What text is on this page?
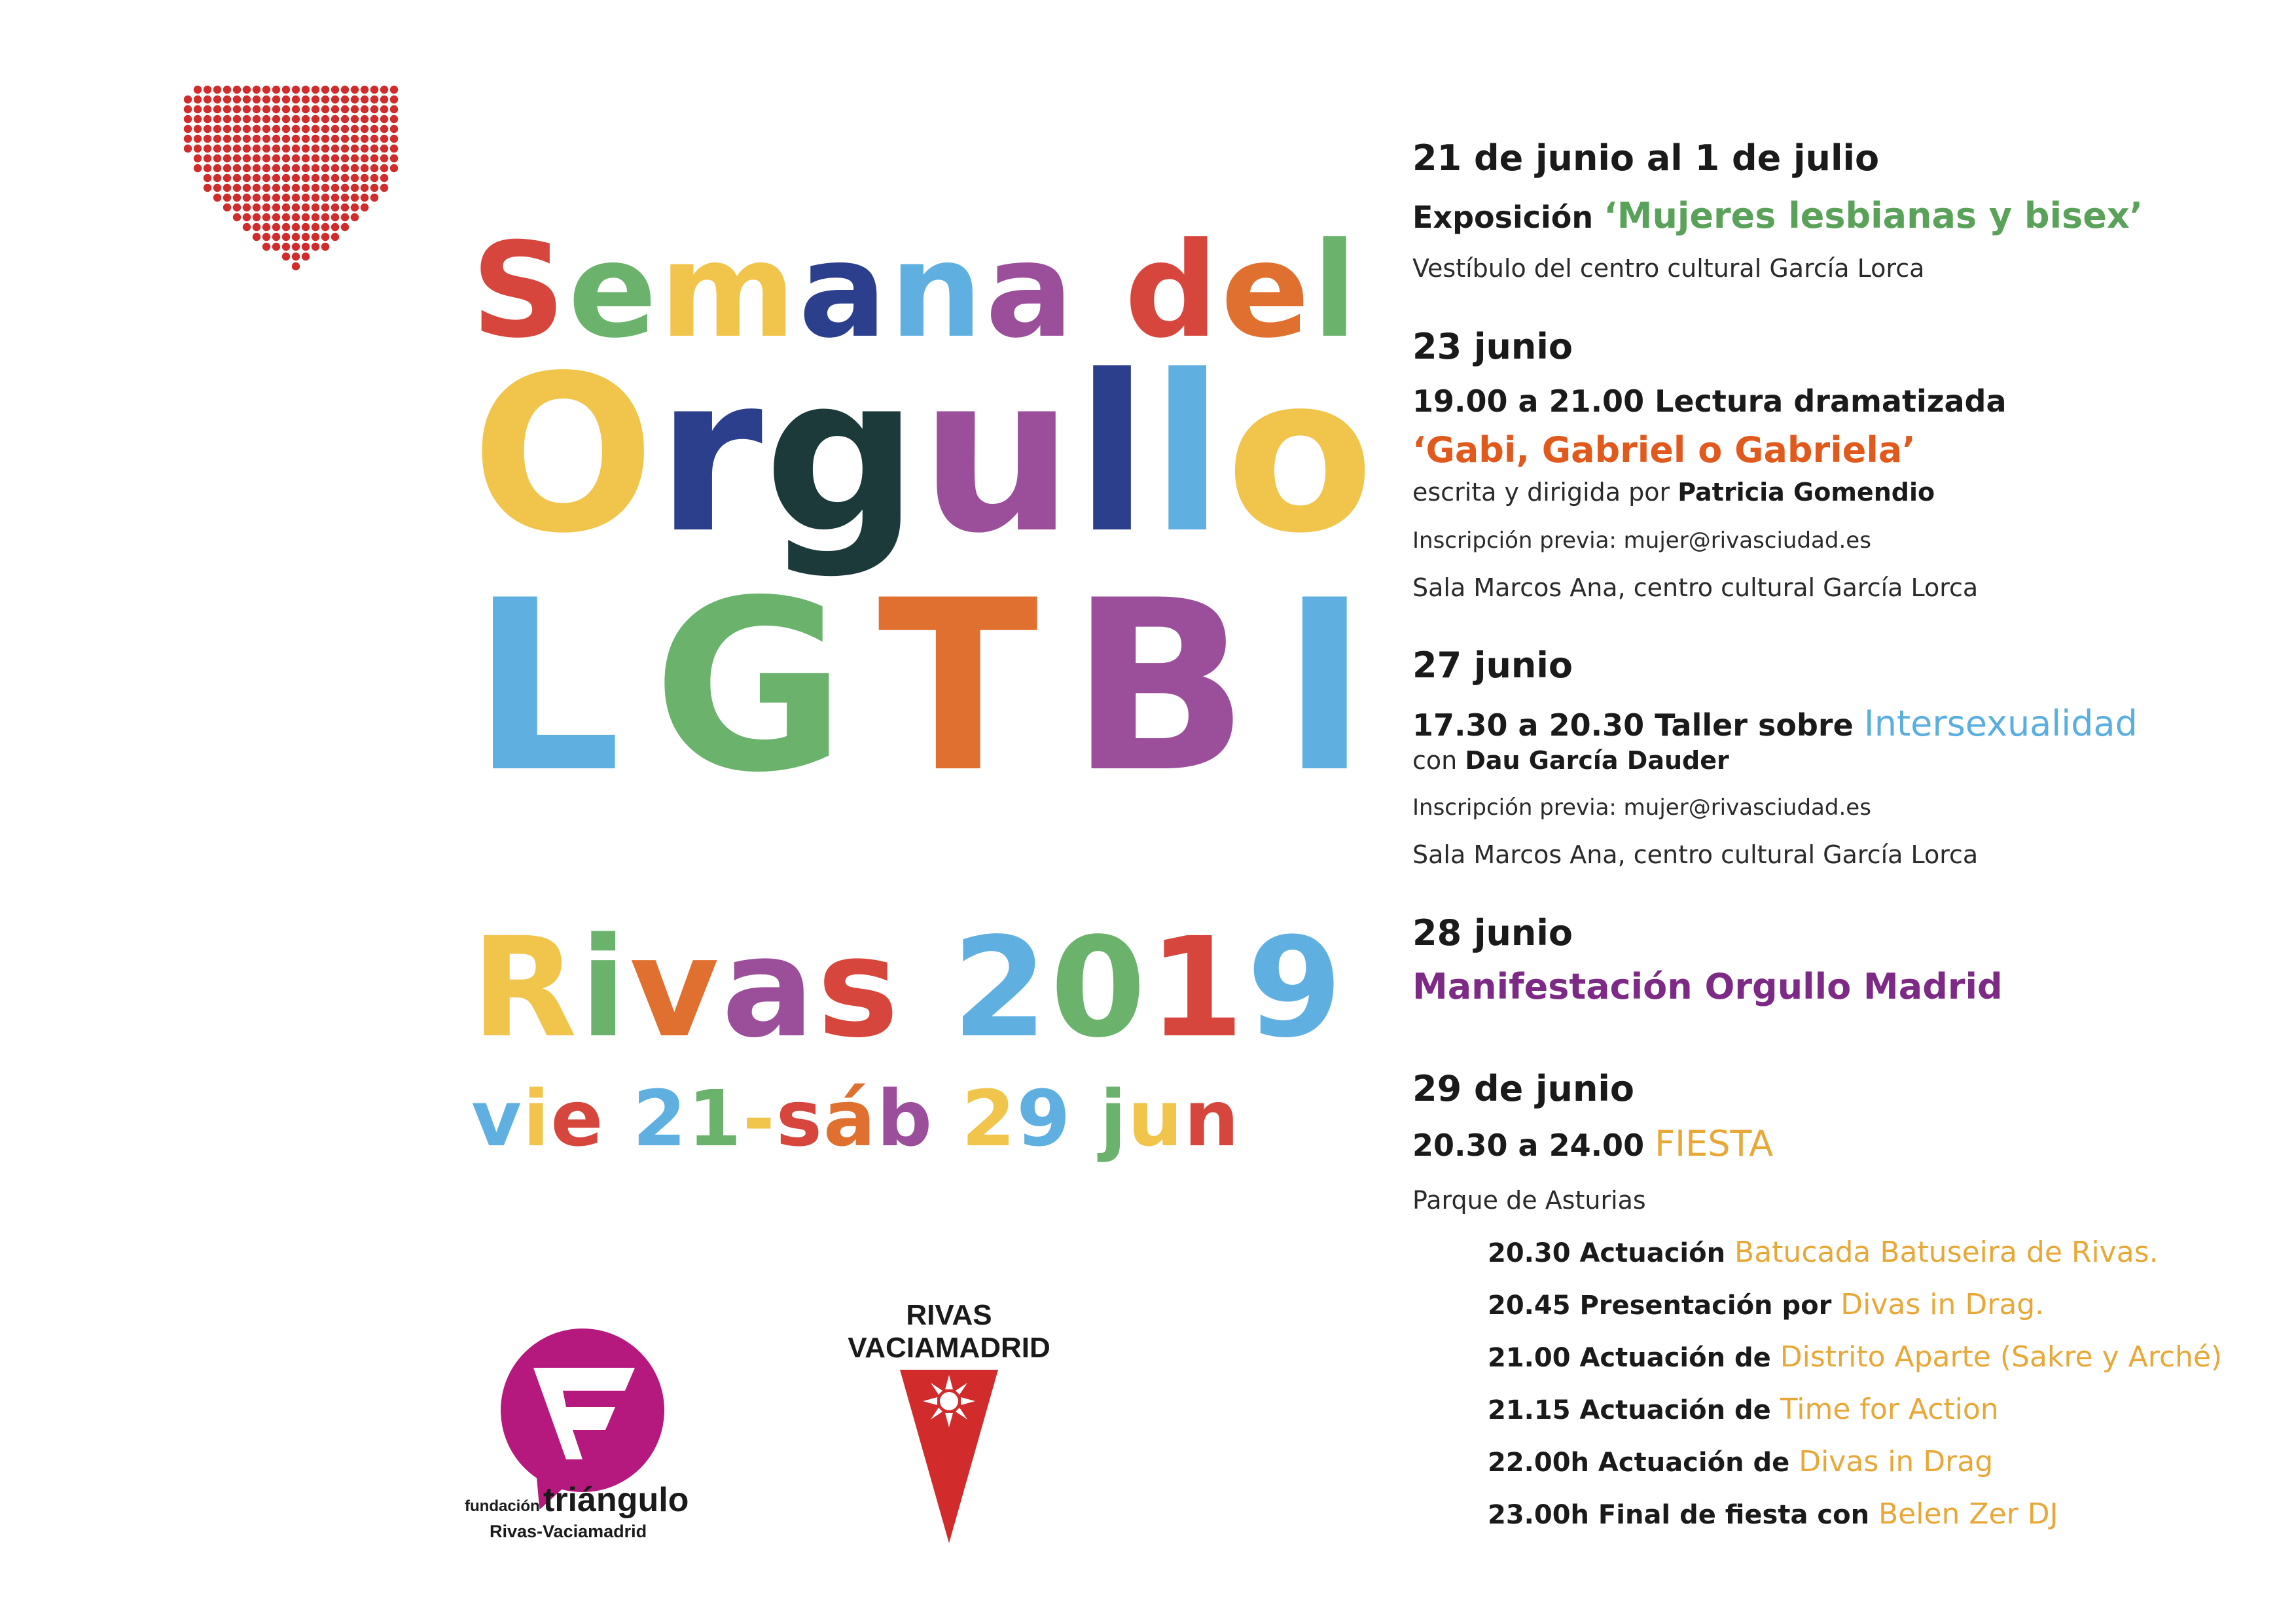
Semana del
Orgullo
LGTBI
Rivas 2019
vie 21-sáb 29 jun
fundación triángulo
Rivas-Vaciamadrid
RIVAS
VACIAMADRID
21 de junio al 1 de julio
Exposición ‘Mujeres lesbianas y bisex’
Vestíbulo del centro cultural García Lorca
23 junio
19.00 a 21.00 Lectura dramatizada
‘Gabi, Gabriel o Gabriela’
escrita y dirigida por Patricia Gomendio
Inscripción previa: mujer@rivasciudad.es
Sala Marcos Ana, centro cultural García Lorca
27 junio
17.30 a 20.30 Taller sobre Intersexualidad
con Dau García Dauder
Inscripción previa: mujer@rivasciudad.es
Sala Marcos Ana, centro cultural García Lorca
28 junio
Manifestación Orgullo Madrid
29 de junio
20.30 a 24.00 FIESTA
Parque de Asturias
20.30 Actuación Batucada Batuseira de Rivas.
20.45 Presentación por Divas in Drag.
21.00 Actuación de Distrito Aparte (Sakre y Arché)
21.15 Actuación de Time for Action
22.00h Actuación de Divas in Drag
23.00h Final de fiesta con Belen Zer DJ
